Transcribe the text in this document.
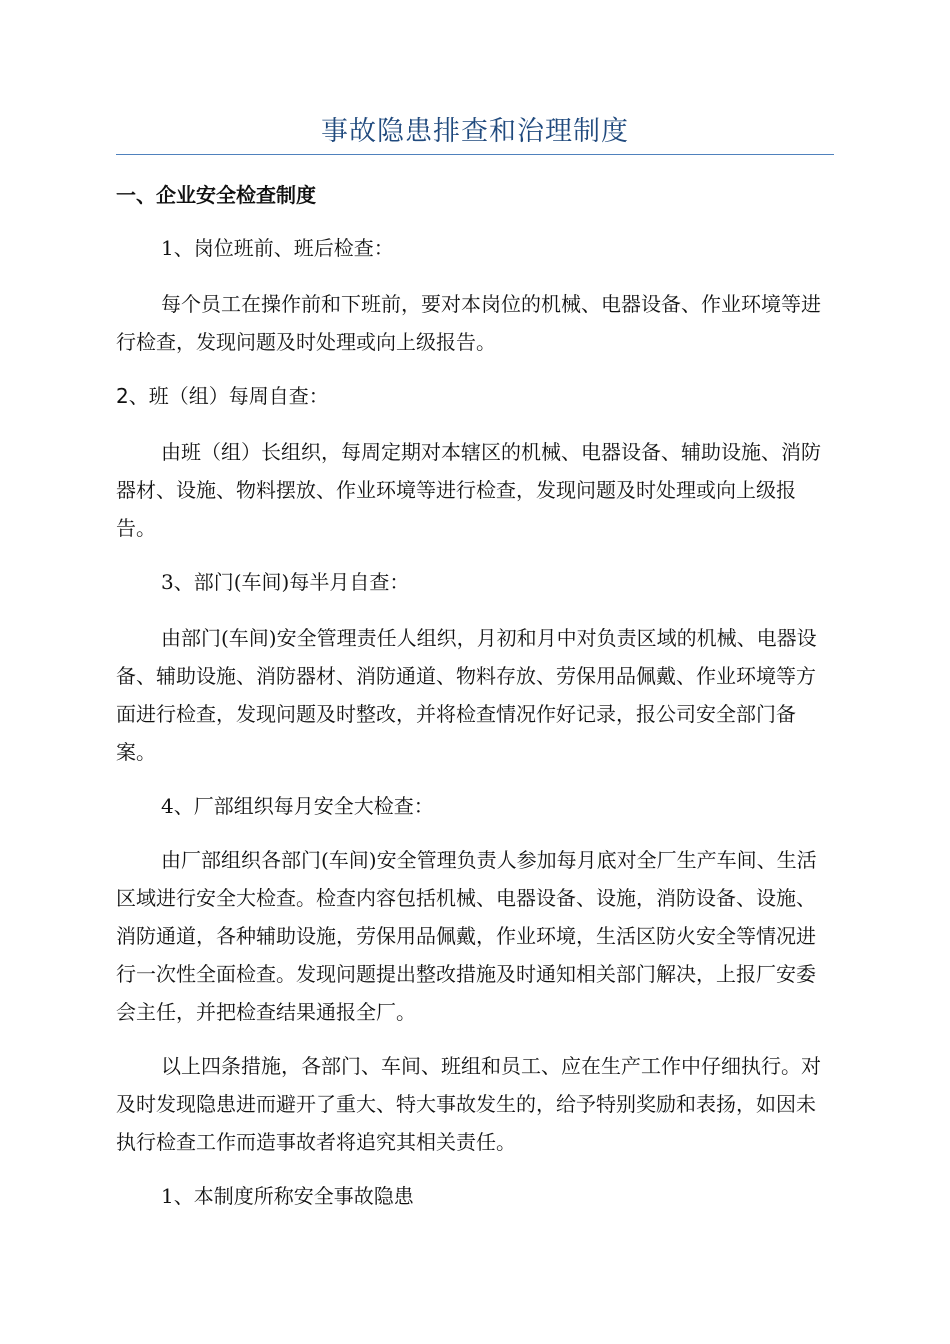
事故隐患排查和治理制度

一、企业安全检查制度

1、岗位班前、班后检查：

每个员工在操作前和下班前，要对本岗位的机械、电器设备、作业环境等进行检查，发现问题及时处理或向上级报告。

2、班（组）每周自查：

由班（组）长组织，每周定期对本辖区的机械、电器设备、辅助设施、消防器材、设施、物料摆放、作业环境等进行检查，发现问题及时处理或向上级报告。

3、部门(车间)每半月自查：

由部门(车间)安全管理责任人组织，月初和月中对负责区域的机械、电器设备、辅助设施、消防器材、消防通道、物料存放、劳保用品佩戴、作业环境等方面进行检查，发现问题及时整改，并将检查情况作好记录，报公司安全部门备案。

4、厂部组织每月安全大检查：

由厂部组织各部门(车间)安全管理负责人参加每月底对全厂生产车间、生活区域进行安全大检查。检查内容包括机械、电器设备、设施，消防设备、设施、消防通道，各种辅助设施，劳保用品佩戴，作业环境，生活区防火安全等情况进行一次性全面检查。发现问题提出整改措施及时通知相关部门解决，上报厂安委会主任，并把检查结果通报全厂。

以上四条措施，各部门、车间、班组和员工、应在生产工作中仔细执行。对及时发现隐患进而避开了重大、特大事故发生的，给予特别奖励和表扬，如因未执行检查工作而造事故者将追究其相关责任。

1、本制度所称安全事故隐患
